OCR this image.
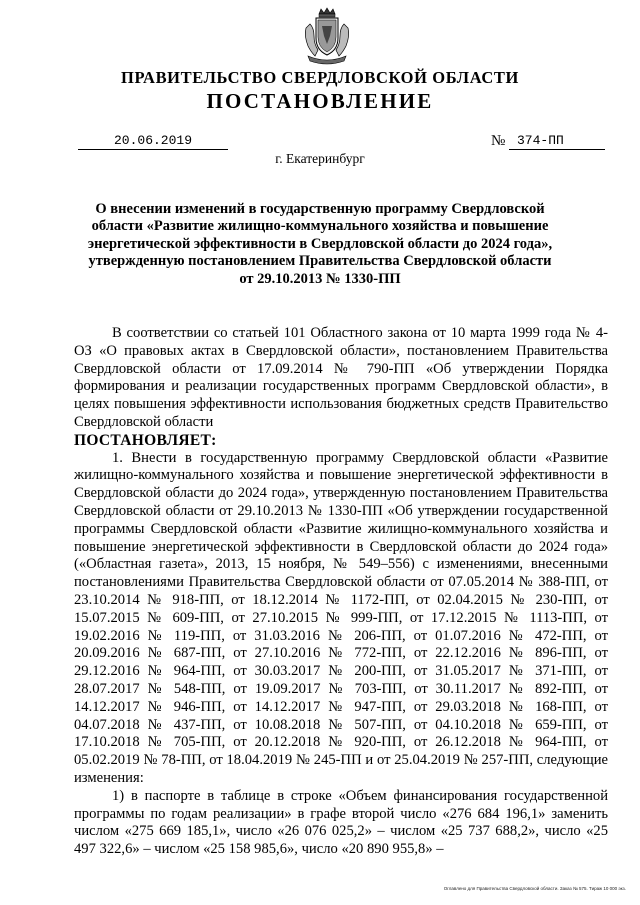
ПРАВИТЕЛЬСТВО СВЕРДЛОВСКОЙ ОБЛАСТИ
ПОСТАНОВЛЕНИЕ
20.06.2019	№ 374-ПП
г. Екатеринбург
О внесении изменений в государственную программу Свердловской области «Развитие жилищно-коммунального хозяйства и повышение энергетической эффективности в Свердловской области до 2024 года», утвержденную постановлением Правительства Свердловской области от 29.10.2013 № 1330-ПП

В соответствии со статьей 101 Областного закона от 10 марта 1999 года № 4-ОЗ «О правовых актах в Свердловской области», постановлением Правительства Свердловской области от 17.09.2014 № 790-ПП «Об утверждении Порядка формирования и реализации государственных программ Свердловской области», в целях повышения эффективности использования бюджетных средств Правительство Свердловской области

ПОСТАНОВЛЯЕТ:

1. Внести в государственную программу Свердловской области «Развитие жилищно-коммунального хозяйства и повышение энергетической эффективности в Свердловской области до 2024 года», утвержденную постановлением Правительства Свердловской области от 29.10.2013 № 1330-ПП «Об утверждении государственной программы Свердловской области «Развитие жилищно-коммунального хозяйства и повышение энергетической эффективности в Свердловской области до 2024 года» («Областная газета», 2013, 15 ноября, № 549–556) с изменениями, внесенными постановлениями Правительства Свердловской области от 07.05.2014 № 388-ПП, от 23.10.2014 № 918-ПП, от 18.12.2014 № 1172-ПП, от 02.04.2015 № 230-ПП, от 15.07.2015 № 609-ПП, от 27.10.2015 № 999-ПП, от 17.12.2015 № 1113-ПП, от 19.02.2016 № 119-ПП, от 31.03.2016 № 206-ПП, от 01.07.2016 № 472-ПП, от 20.09.2016 № 687-ПП, от 27.10.2016 № 772-ПП, от 22.12.2016 № 896-ПП, от 29.12.2016 № 964-ПП, от 30.03.2017 № 200-ПП, от 31.05.2017 № 371-ПП, от 28.07.2017 № 548-ПП, от 19.09.2017 № 703-ПП, от 30.11.2017 № 892-ПП, от 14.12.2017 № 946-ПП, от 14.12.2017 № 947-ПП, от 29.03.2018 № 168-ПП, от 04.07.2018 № 437-ПП, от 10.08.2018 № 507-ПП, от 04.10.2018 № 659-ПП, от 17.10.2018 № 705-ПП, от 20.12.2018 № 920-ПП, от 26.12.2018 № 964-ПП, от 05.02.2019 № 78-ПП, от 18.04.2019 № 245-ПП и от 25.04.2019 № 257-ПП, следующие изменения:

1) в паспорте в таблице в строке «Объем финансирования государственной программы по годам реализации» в графе второй число «276 684 196,1» заменить числом «275 669 185,1», число «26 076 025,2» – числом «25 737 688,2», число «25 497 322,6» – числом «25 158 985,6», число «20 890 955,8» –

Оглавлено для Правительства Свердловской области. Заказ № 575. Тираж 10 000 экз.
